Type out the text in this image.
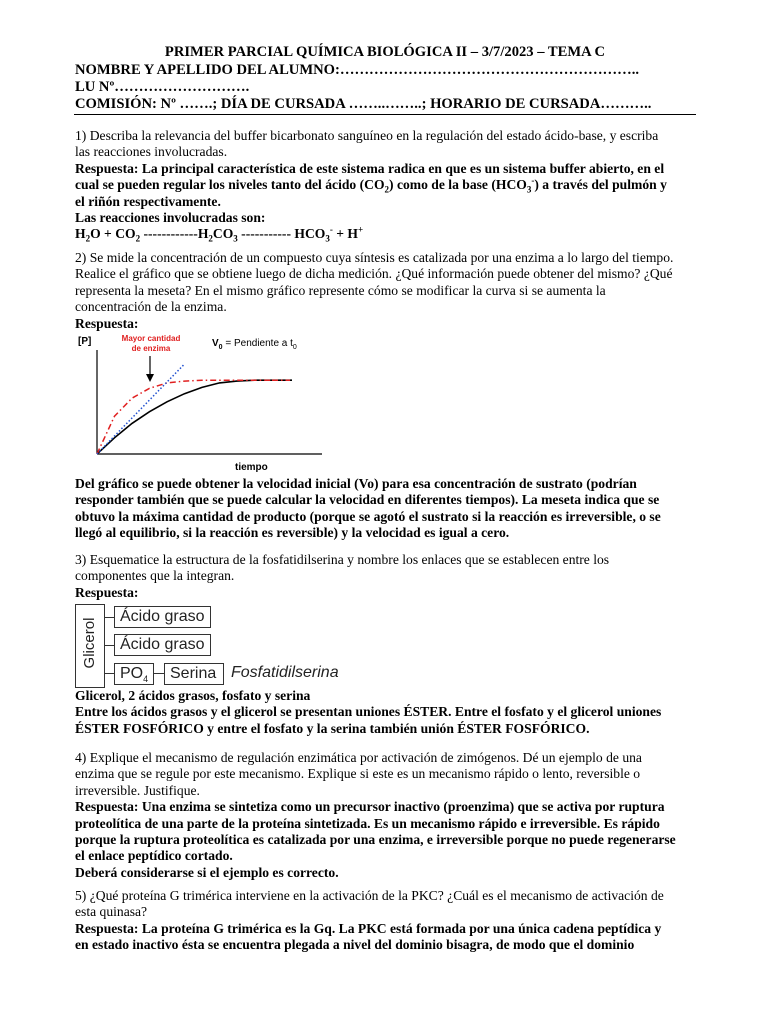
PRIMER PARCIAL QUÍMICA BIOLÓGICA II – 3/7/2023 – TEMA C
NOMBRE Y APELLIDO DEL ALUMNO:……………………………………………………..
LU Nº……………………….
COMISIÓN: Nº …….; DÍA DE CURSADA ……..……..; HORARIO DE CURSADA………..
1) Describa la relevancia del buffer bicarbonato sanguíneo en la regulación del estado ácido-base, y escriba
las reacciones involucradas.
Respuesta: La principal característica de este sistema radica en que es un sistema buffer abierto, en el
cual se pueden regular los niveles tanto del ácido $(CO_2)$ como de la base $(HCO_3^-)$ a través del pulmón y
el riñón respectivamente.
Las reacciones involucradas son:
$H_2O + CO_2$ $------------H_2CO_3$ ----------- $HCO_3^- + H^+$
2) Se mide la concentración de un compuesto cuya síntesis es catalizada por una enzima a lo largo del tiempo.
Realice el gráfico que se obtiene luego de dicha medición. ¿Qué información puede obtener del mismo? ¿Qué
representa la meseta? En el mismo gráfico represente cómo se modificar la curva si se aumenta la
concentración de la enzima.
Respuesta:
[P]
tiempo
Mayor cantidad
de enzima	$V_0$ = Pendiente a $t_0$
Del gráfico se puede obtener la velocidad inicial (Vo) para esa concentración de sustrato (podrían
responder también que se puede calcular la velocidad en diferentes tiempos). La meseta indica que se
obtuvo la máxima cantidad de producto (porque se agotó el sustrato si la reacción es irreversible, o se
llegó al equilibrio, si la reacción es reversible) y la velocidad es igual a cero.
3) Esquematice la estructura de la fosfatidilserina y nombre los enlaces que se establecen entre los
componentes que la integran.
Respuesta:
Glicerol
Ácido graso
Ácido graso
$PO_4$	Serina Fosfatidilserina
Glicerol, 2 ácidos grasos, fosfato y serina
Entre los ácidos grasos y el glicerol se presentan uniones ÉSTER. Entre el fosfato y el glicerol uniones
ÉSTER FOSFÓRICO y entre el fosfato y la serina también unión ÉSTER FOSFÓRICO.
4) Explique el mecanismo de regulación enzimática por activación de zimógenos. Dé un ejemplo de una
enzima que se regule por este mecanismo. Explique si este es un mecanismo rápido o lento, reversible o
irreversible. Justifique.
Respuesta: Una enzima se sintetiza como un precursor inactivo (proenzima) que se activa por ruptura
proteolítica de una parte de la proteína sintetizada. Es un mecanismo rápido e irreversible. Es rápido
porque la ruptura proteolítica es catalizada por una enzima, e irreversible porque no puede regenerarse
el enlace peptídico cortado.
Deberá considerarse si el ejemplo es correcto.
5) ¿Qué proteína G trimérica interviene en la activación de la PKC? ¿Cuál es el mecanismo de activación de
esta quinasa?
Respuesta: La proteína G trimérica es la Gq. La PKC está formada por una única cadena peptídica y
en estado inactivo ésta se encuentra plegada a nivel del dominio bisagra, de modo que el dominio
